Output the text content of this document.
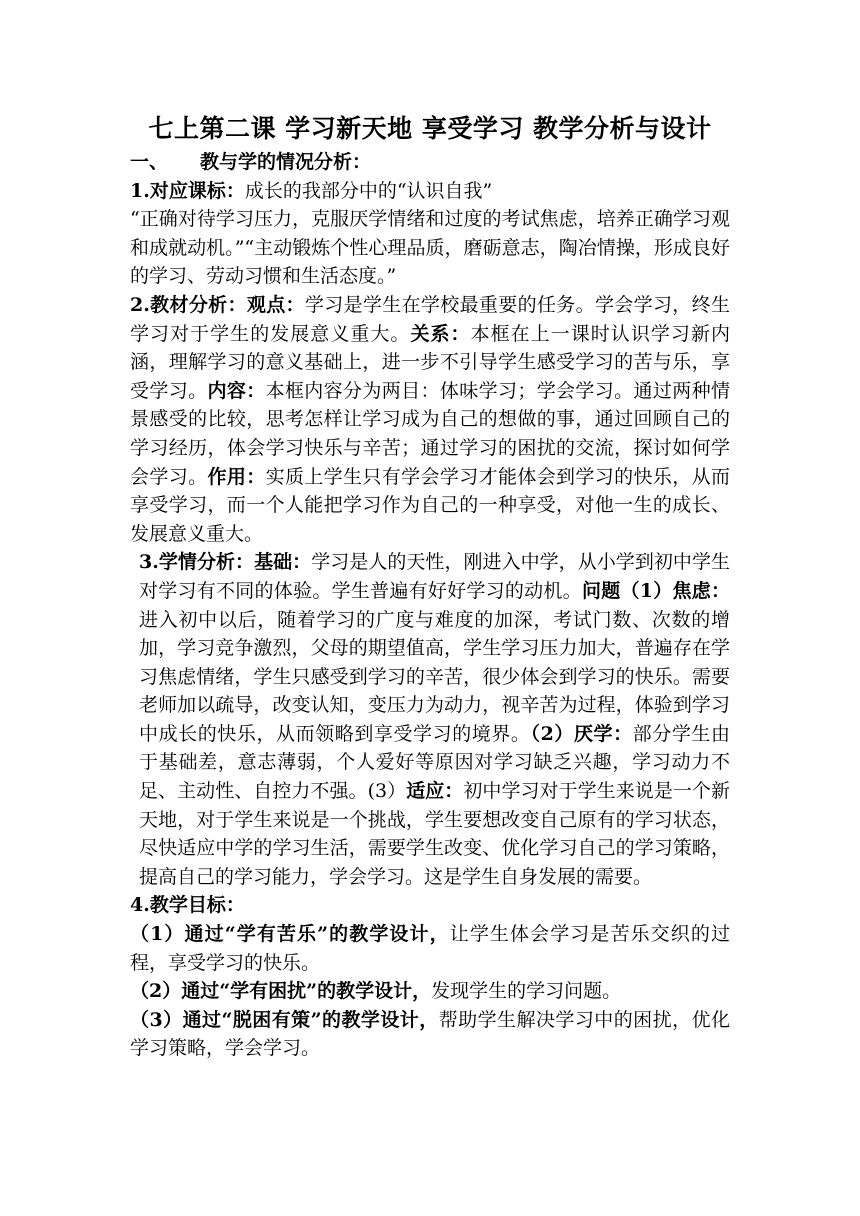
七上第二课 学习新天地 享受学习 教学分析与设计
一、 教与学的情况分析：

1.对应课标：成长的我部分中的“认识自我”

“正确对待学习压力，克服厌学情绪和过度的考试焦虑，培养正确学习观和成就动机。”“主动锻炼个性心理品质，磨砺意志，陶冶情操，形成良好的学习、劳动习惯和生活态度。”

2.教材分析：观点：学习是学生在学校最重要的任务。学会学习，终生学习对于学生的发展意义重大。关系：本框在上一课时认识学习新内涵，理解学习的意义基础上，进一步不引导学生感受学习的苦与乐，享受学习。内容：本框内容分为两目：体味学习；学会学习。通过两种情景感受的比较，思考怎样让学习成为自己的想做的事，通过回顾自己的学习经历，体会学习快乐与辛苦；通过学习的困扰的交流，探讨如何学会学习。作用：实质上学生只有学会学习才能体会到学习的快乐，从而享受学习，而一个人能把学习作为自己的一种享受，对他一生的成长、发展意义重大。

3.学情分析：基础：学习是人的天性，刚进入中学，从小学到初中学生对学习有不同的体验。学生普遍有好好学习的动机。问题（1）焦虑：进入初中以后，随着学习的广度与难度的加深，考试门数、次数的增加，学习竞争激烈，父母的期望值高，学生学习压力加大，普遍存在学习焦虑情绪，学生只感受到学习的辛苦，很少体会到学习的快乐。需要老师加以疏导，改变认知，变压力为动力，视辛苦为过程，体验到学习中成长的快乐，从而领略到享受学习的境界。（2）厌学：部分学生由于基础差，意志薄弱，个人爱好等原因对学习缺乏兴趣，学习动力不足、主动性、自控力不强。(3）适应：初中学习对于学生来说是一个新天地，对于学生来说是一个挑战，学生要想改变自己原有的学习状态，尽快适应中学的学习生活，需要学生改变、优化学习自己的学习策略，提高自己的学习能力，学会学习。这是学生自身发展的需要。

4.教学目标：

（1）通过“学有苦乐”的教学设计，让学生体会学习是苦乐交织的过程，享受学习的快乐。

（2）通过“学有困扰”的教学设计，发现学生的学习问题。

（3）通过“脱困有策”的教学设计，帮助学生解决学习中的困扰，优化学习策略，学会学习。
